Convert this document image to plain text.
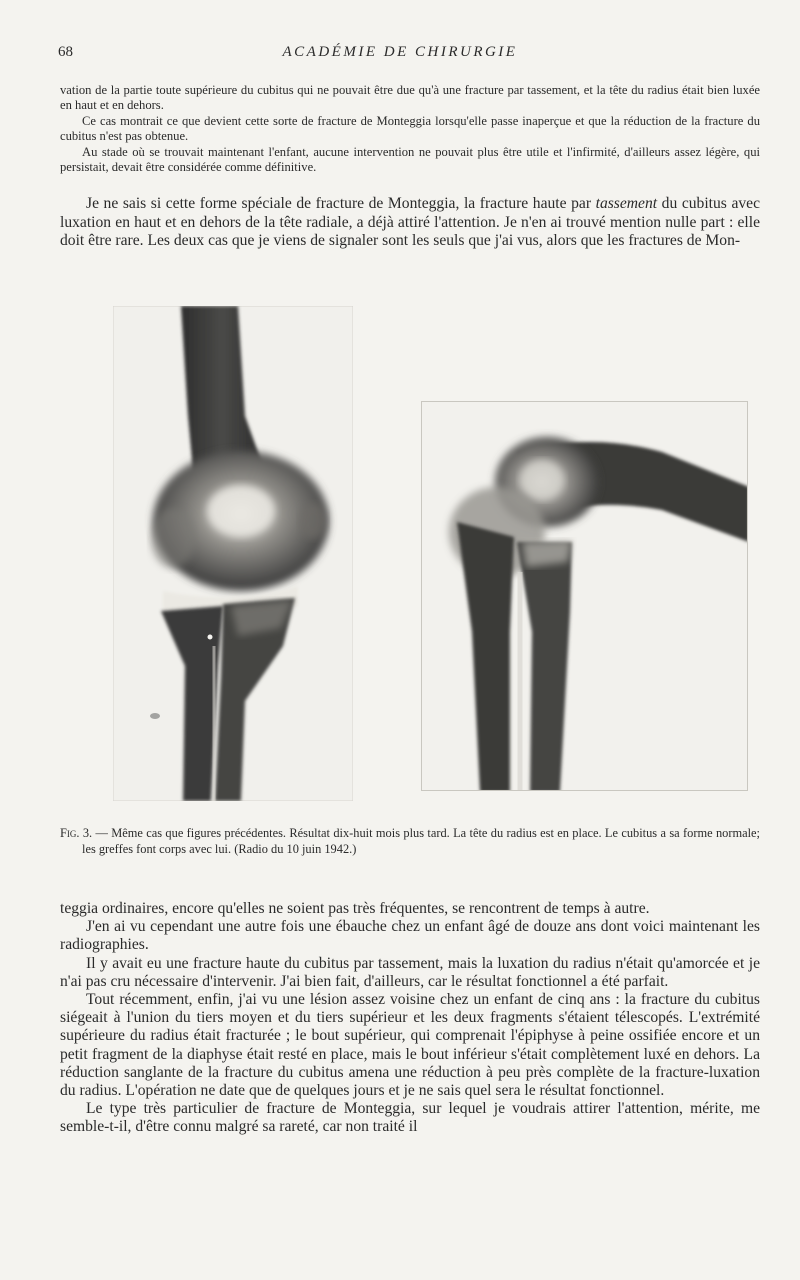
68	ACADÉMIE DE CHIRURGIE

vation de la partie toute supérieure du cubitus qui ne pouvait être due qu'à une fracture par tassement, et la tête du radius était bien luxée en haut et en dehors.

Ce cas montrait ce que devient cette sorte de fracture de Monteggia lorsqu'elle passe inaperçue et que la réduction de la fracture du cubitus n'est pas obtenue.

Au stade où se trouvait maintenant l'enfant, aucune intervention ne pouvait plus être utile et l'infirmité, d'ailleurs assez légère, qui persistait, devait être considérée comme définitive.

Je ne sais si cette forme spéciale de fracture de Monteggia, la fracture haute par tassement du cubitus avec luxation en haut et en dehors de la tête radiale, a déjà attiré l'attention. Je n'en ai trouvé mention nulle part : elle doit être rare. Les deux cas que je viens de signaler sont les seuls que j'ai vus, alors que les fractures de Mon-

Fig. 3. — Même cas que figures précédentes. Résultat dix-huit mois plus tard. La tête du radius est en place. Le cubitus a sa forme normale; les greffes font corps avec lui. (Radio du 10 juin 1942.)

teggia ordinaires, encore qu'elles ne soient pas très fréquentes, se rencontrent de temps à autre.

J'en ai vu cependant une autre fois une ébauche chez un enfant âgé de douze ans dont voici maintenant les radiographies.

Il y avait eu une fracture haute du cubitus par tassement, mais la luxation du radius n'était qu'amorcée et je n'ai pas cru nécessaire d'intervenir. J'ai bien fait, d'ailleurs, car le résultat fonctionnel a été parfait.

Tout récemment, enfin, j'ai vu une lésion assez voisine chez un enfant de cinq ans : la fracture du cubitus siégeait à l'union du tiers moyen et du tiers supérieur et les deux fragments s'étaient télescopés. L'extrémité supérieure du radius était fracturée ; le bout supérieur, qui comprenait l'épiphyse à peine ossifiée encore et un petit fragment de la diaphyse était resté en place, mais le bout inférieur s'était complètement luxé en dehors. La réduction sanglante de la fracture du cubitus amena une réduction à peu près complète de la fracture-luxation du radius. L'opération ne date que de quelques jours et je ne sais quel sera le résultat fonctionnel.

Le type très particulier de fracture de Monteggia, sur lequel je voudrais attirer l'attention, mérite, me semble-t-il, d'être connu malgré sa rareté, car non traité il
